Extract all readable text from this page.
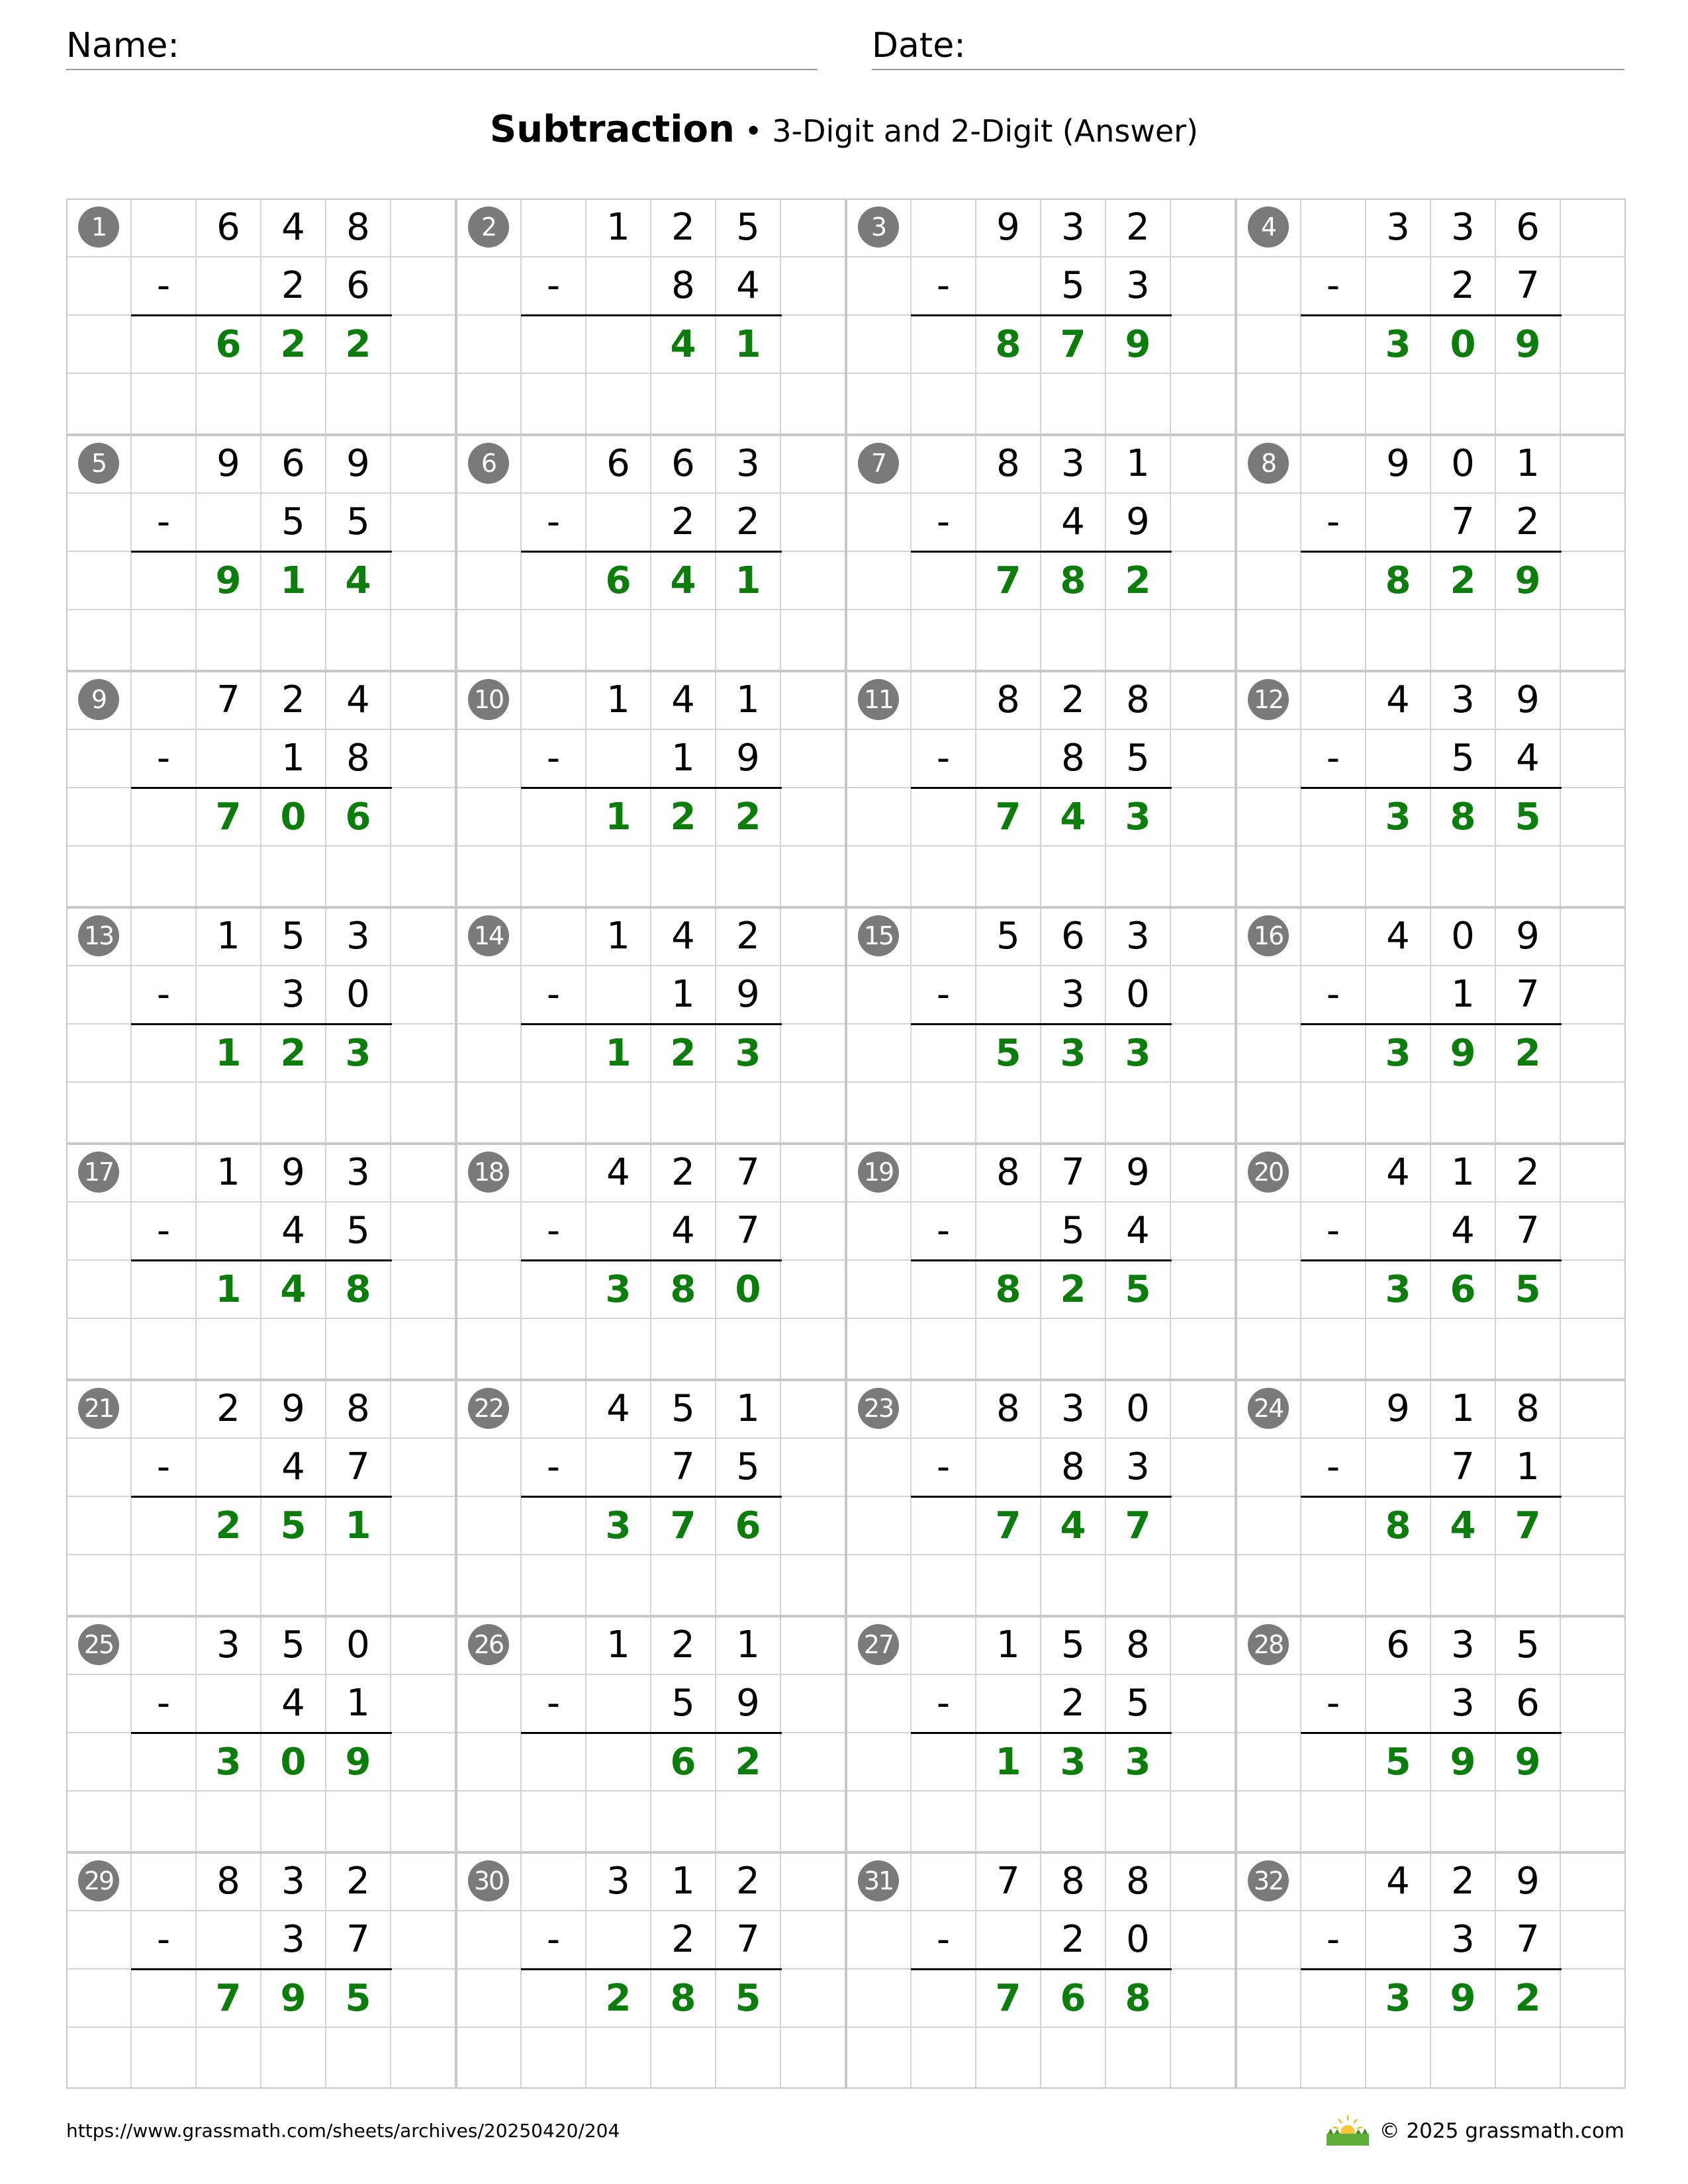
Name:	Date:
Subtraction • 3-Digit and 2-Digit (Answer)
1	6	4	8
-	2	6
6	2	2
2	1	2	5
-	8	4
4	1
3	9	3	2
-	5	3
8	7	9
4	3	3	6
-	2	7
3	0	9
5	9	6	9
-	5	5
9	1	4
6	6	6	3
-	2	2
6	4	1
7	8	3	1
-	4	9
7	8	2
8	9	0	1
-	7	2
8	2	9
9	7	2	4
-	1	8
7	0	6
10	1	4	1
-	1	9
1	2	2
11	8	2	8
-	8	5
7	4	3
12	4	3	9
-	5	4
3	8	5
13	1	5	3
-	3	0
1	2	3
14	1	4	2
-	1	9
1	2	3
15	5	6	3
-	3	0
5	3	3
16	4	0	9
-	1	7
3	9	2
17	1	9	3
-	4	5
1	4	8
18	4	2	7
-	4	7
3	8	0
19	8	7	9
-	5	4
8	2	5
20	4	1	2
-	4	7
3	6	5
21	2	9	8
-	4	7
2	5	1
22	4	5	1
-	7	5
3	7	6
23	8	3	0
-	8	3
7	4	7
24	9	1	8
-	7	1
8	4	7
25	3	5	0
-	4	1
3	0	9
26	1	2	1
-	5	9
6	2
27	1	5	8
-	2	5
1	3	3
28	6	3	5
-	3	6
5	9	9
29	8	3	2
-	3	7
7	9	5
30	3	1	2
-	2	7
2	8	5
31	7	8	8
-	2	0
7	6	8
32	4	2	9
-	3	7
3	9	2
https://www.grassmath.com/sheets/archives/20250420/204	© 2025 grassmath.com
